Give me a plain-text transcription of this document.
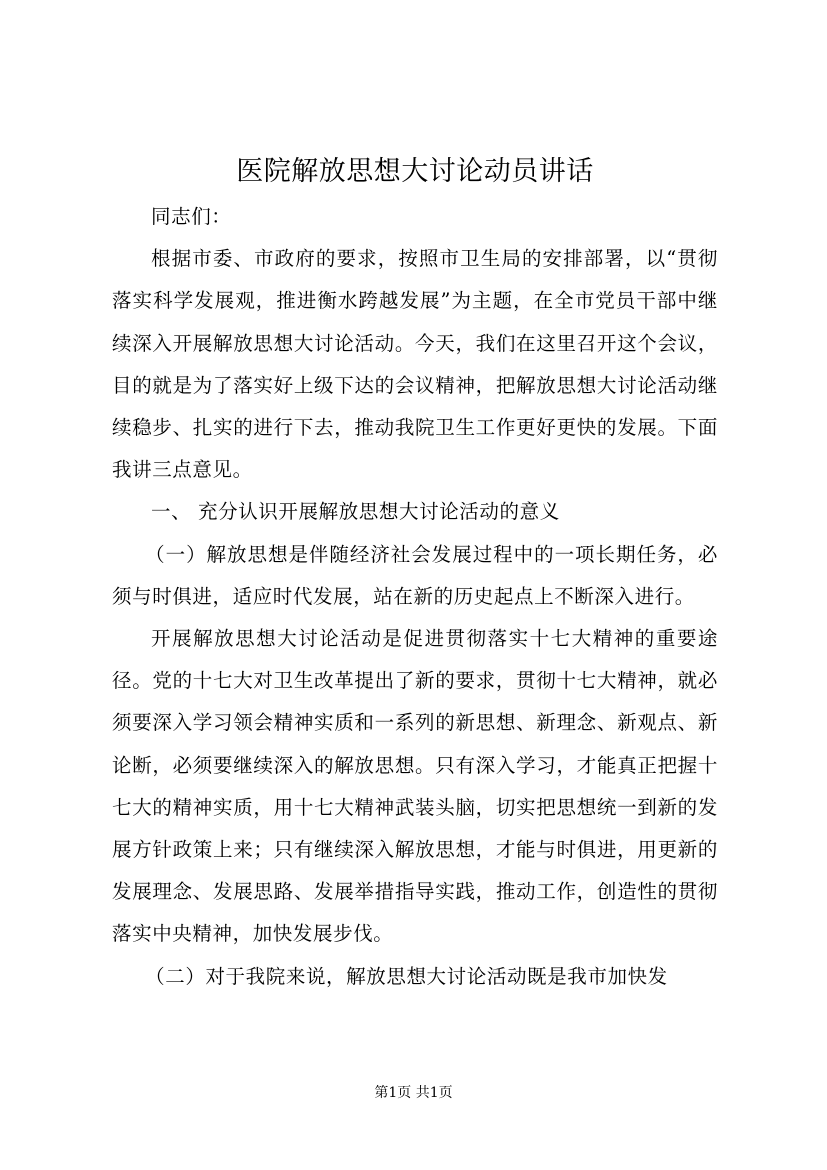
医院解放思想大讨论动员讲话

同志们：

根据市委、市政府的要求，按照市卫生局的安排部署，以“贯彻落实科学发展观，推进衡水跨越发展”为主题，在全市党员干部中继续深入开展解放思想大讨论活动。今天，我们在这里召开这个会议，目的就是为了落实好上级下达的会议精神，把解放思想大讨论活动继续稳步、扎实的进行下去，推动我院卫生工作更好更快的发展。下面我讲三点意见。

一、 充分认识开展解放思想大讨论活动的意义

（一）解放思想是伴随经济社会发展过程中的一项长期任务，必须与时俱进，适应时代发展，站在新的历史起点上不断深入进行。

开展解放思想大讨论活动是促进贯彻落实十七大精神的重要途径。党的十七大对卫生改革提出了新的要求，贯彻十七大精神，就必须要深入学习领会精神实质和一系列的新思想、新理念、新观点、新论断，必须要继续深入的解放思想。只有深入学习，才能真正把握十七大的精神实质，用十七大精神武装头脑，切实把思想统一到新的发展方针政策上来；只有继续深入解放思想，才能与时俱进，用更新的发展理念、发展思路、发展举措指导实践，推动工作，创造性的贯彻落实中央精神，加快发展步伐。

（二）对于我院来说，解放思想大讨论活动既是我市加快发

第1页 共1页
